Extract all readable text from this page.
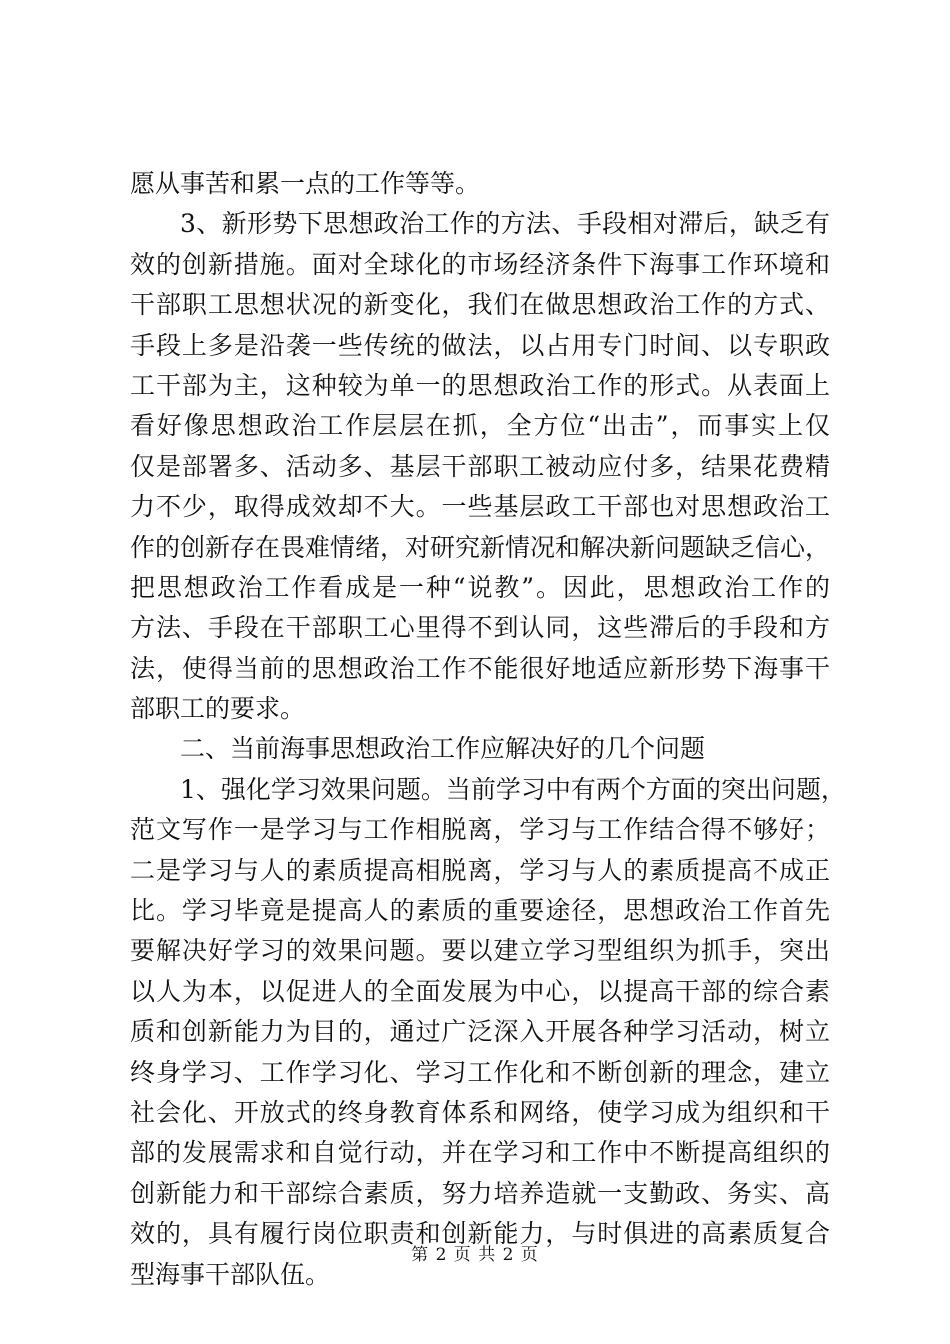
愿从事苦和累一点的工作等等。
3、新形势下思想政治工作的方法、手段相对滞后，缺乏有
效的创新措施。面对全球化的市场经济条件下海事工作环境和
干部职工思想状况的新变化，我们在做思想政治工作的方式、
手段上多是沿袭一些传统的做法，以占用专门时间、以专职政
工干部为主，这种较为单一的思想政治工作的形式。从表面上
看好像思想政治工作层层在抓，全方位“出击”，而事实上仅
仅是部署多、活动多、基层干部职工被动应付多，结果花费精
力不少，取得成效却不大。一些基层政工干部也对思想政治工
作的创新存在畏难情绪，对研究新情况和解决新问题缺乏信心，
把思想政治工作看成是一种“说教”。因此，思想政治工作的
方法、手段在干部职工心里得不到认同，这些滞后的手段和方
法，使得当前的思想政治工作不能很好地适应新形势下海事干
部职工的要求。
二、当前海事思想政治工作应解决好的几个问题
1、强化学习效果问题。当前学习中有两个方面的突出问题，
范文写作一是学习与工作相脱离，学习与工作结合得不够好；
二是学习与人的素质提高相脱离，学习与人的素质提高不成正
比。学习毕竟是提高人的素质的重要途径，思想政治工作首先
要解决好学习的效果问题。要以建立学习型组织为抓手，突出
以人为本，以促进人的全面发展为中心，以提高干部的综合素
质和创新能力为目的，通过广泛深入开展各种学习活动，树立
终身学习、工作学习化、学习工作化和不断创新的理念，建立
社会化、开放式的终身教育体系和网络，使学习成为组织和干
部的发展需求和自觉行动，并在学习和工作中不断提高组织的
创新能力和干部综合素质，努力培养造就一支勤政、务实、高
效的，具有履行岗位职责和创新能力，与时俱进的高素质复合
型海事干部队伍。
第 2 页 共 2 页
